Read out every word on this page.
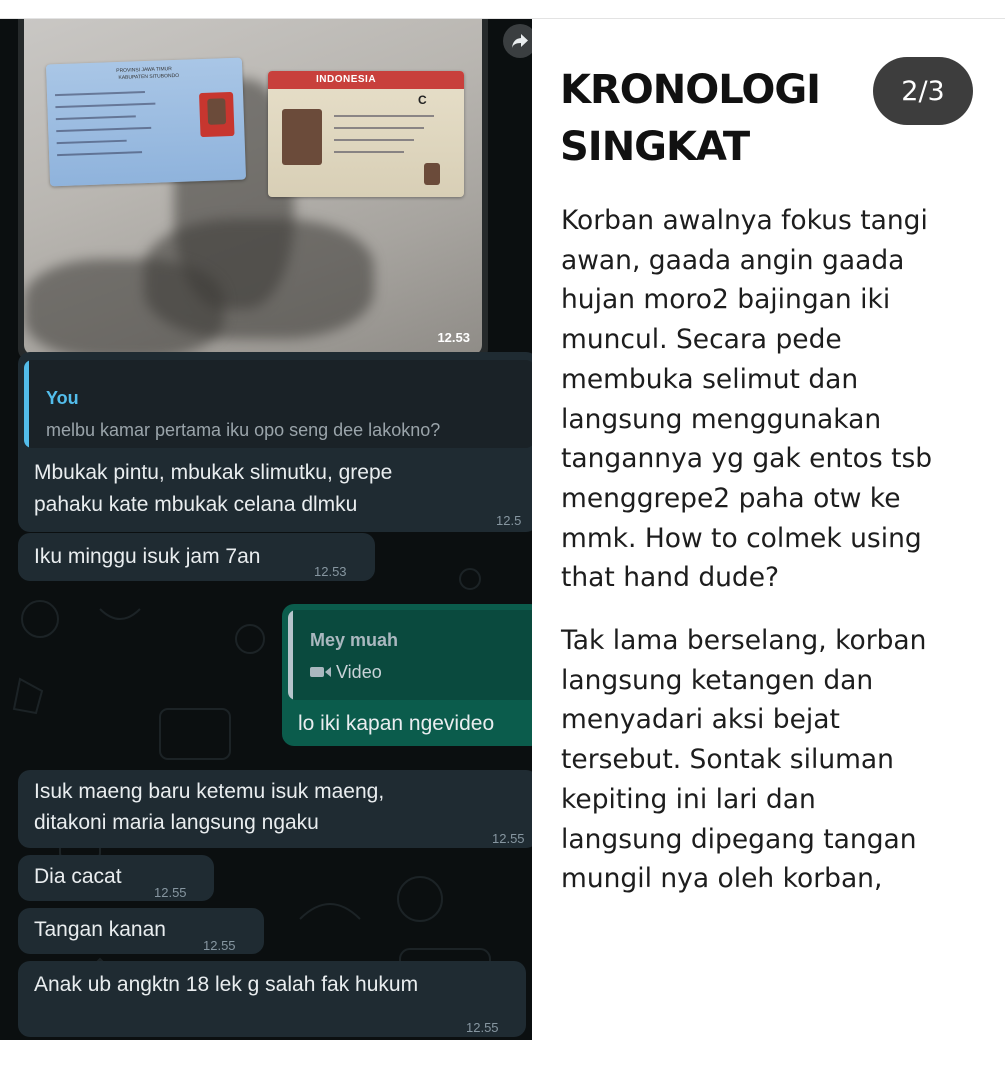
PROVINSI JAWA TIMUR
KABUPATEN SITUBONDO	INDONESIA
C
12.53
You
melbu kamar pertama iku opo seng dee lakokno?
Mbukak pintu, mbukak slimutku, grepe
pahaku kate mbukak celana dlmku
12.5
Iku minggu isuk jam 7an
12.53
Mey muah
Video
lo iki kapan ngevideo
Isuk maeng baru ketemu isuk maeng,
ditakoni maria langsung ngaku
12.55
Dia cacat
12.55
Tangan kanan
12.55
Anak ub angktn 18 lek g salah fak hukum
12.55
KRONOLOGI
SINGKAT
2/3

Korban awalnya fokus tangi
awan, gaada angin gaada
hujan moro2 bajingan iki
muncul. Secara pede
membuka selimut dan
langsung menggunakan
tangannya yg gak entos tsb
menggrepe2 paha otw ke
mmk. How to colmek using
that hand dude?

Tak lama berselang, korban
langsung ketangen dan
menyadari aksi bejat
tersebut. Sontak siluman
kepiting ini lari dan
langsung dipegang tangan
mungil nya oleh korban,
